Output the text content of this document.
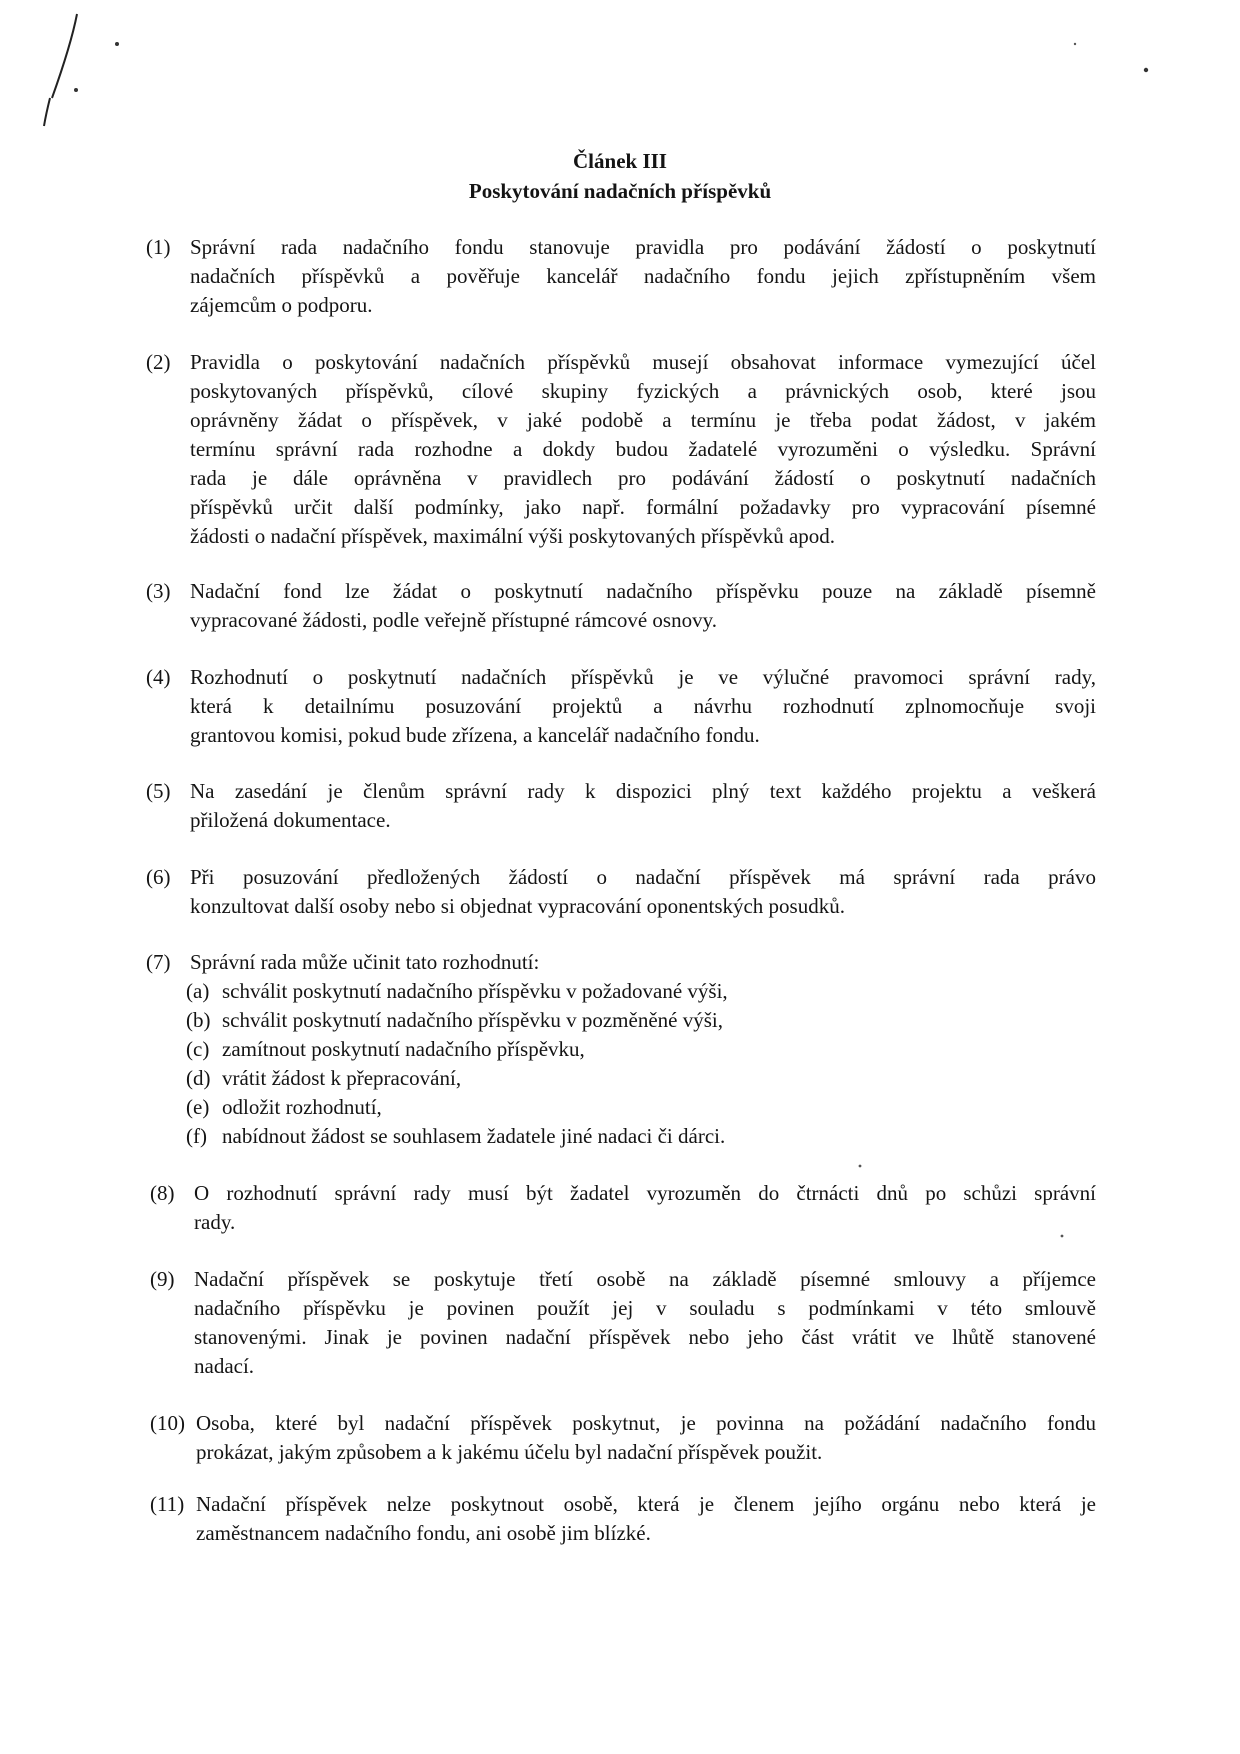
Článek III
Poskytování nadačních příspěvků
(1) Správní rada nadačního fondu stanovuje pravidla pro podávání žádostí o poskytnutí
nadačních příspěvků a pověřuje kancelář nadačního fondu jejich zpřístupněním všem
zájemcům o podporu.
(2) Pravidla o poskytování nadačních příspěvků musejí obsahovat informace vymezující účel
poskytovaných příspěvků, cílové skupiny fyzických a právnických osob, které jsou
oprávněny žádat o příspěvek, v jaké podobě a termínu je třeba podat žádost, v jakém
termínu správní rada rozhodne a dokdy budou žadatelé vyrozuměni o výsledku. Správní
rada je dále oprávněna v pravidlech pro podávání žádostí o poskytnutí nadačních
příspěvků určit další podmínky, jako např. formální požadavky pro vypracování písemné
žádosti o nadační příspěvek, maximální výši poskytovaných příspěvků apod.
(3) Nadační fond lze žádat o poskytnutí nadačního příspěvku pouze na základě písemně
vypracované žádosti, podle veřejně přístupné rámcové osnovy.
(4) Rozhodnutí o poskytnutí nadačních příspěvků je ve výlučné pravomoci správní rady,
která k detailnímu posuzování projektů a návrhu rozhodnutí zplnomocňuje svoji
grantovou komisi, pokud bude zřízena, a kancelář nadačního fondu.
(5) Na zasedání je členům správní rady k dispozici plný text každého projektu a veškerá
přiložená dokumentace.
(6) Při posuzování předložených žádostí o nadační příspěvek má správní rada právo
konzultovat další osoby nebo si objednat vypracování oponentských posudků.
(7) Správní rada může učinit tato rozhodnutí:
(a) schválit poskytnutí nadačního příspěvku v požadované výši,
(b) schválit poskytnutí nadačního příspěvku v pozměněné výši,
(c) zamítnout poskytnutí nadačního příspěvku,
(d) vrátit žádost k přepracování,
(e) odložit rozhodnutí,
(f) nabídnout žádost se souhlasem žadatele jiné nadaci či dárci.
(8) O rozhodnutí správní rady musí být žadatel vyrozuměn do čtrnácti dnů po schůzi správní
rady.
(9) Nadační příspěvek se poskytuje třetí osobě na základě písemné smlouvy a příjemce
nadačního příspěvku je povinen použít jej v souladu s podmínkami v této smlouvě
stanovenými. Jinak je povinen nadační příspěvek nebo jeho část vrátit ve lhůtě stanovené
nadací.
(10) Osoba, které byl nadační příspěvek poskytnut, je povinna na požádání nadačního fondu
prokázat, jakým způsobem a k jakému účelu byl nadační příspěvek použit.
(11) Nadační příspěvek nelze poskytnout osobě, která je členem jejího orgánu nebo která je
zaměstnancem nadačního fondu, ani osobě jim blízké.
